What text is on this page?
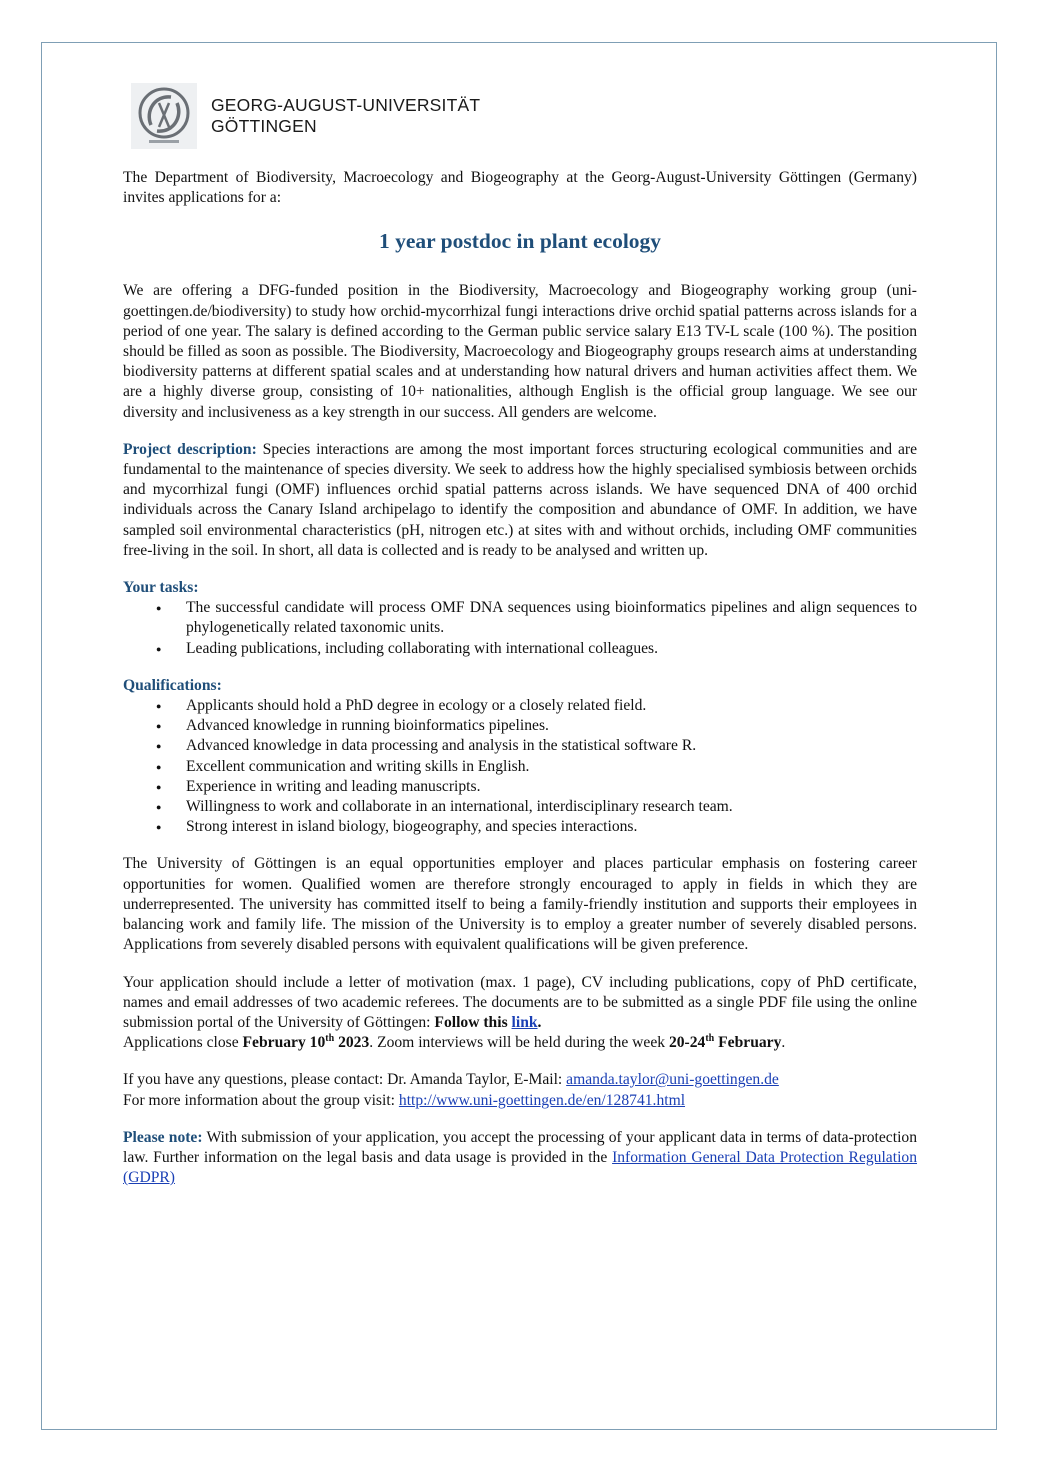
GEORG-AUGUST-UNIVERSITÄT
GÖTTINGEN

The Department of Biodiversity, Macroecology and Biogeography at the Georg-August-University Göttingen (Germany) invites applications for a:

1 year postdoc in plant ecology

We are offering a DFG-funded position in the Biodiversity, Macroecology and Biogeography working group (uni-goettingen.de/biodiversity) to study how orchid-mycorrhizal fungi interactions drive orchid spatial patterns across islands for a period of one year. The salary is defined according to the German public service salary E13 TV-L scale (100 %). The position should be filled as soon as possible. The Biodiversity, Macroecology and Biogeography groups research aims at understanding biodiversity patterns at different spatial scales and at understanding how natural drivers and human activities affect them. We are a highly diverse group, consisting of 10+ nationalities, although English is the official group language. We see our diversity and inclusiveness as a key strength in our success. All genders are welcome.

Project description: Species interactions are among the most important forces structuring ecological communities and are fundamental to the maintenance of species diversity. We seek to address how the highly specialised symbiosis between orchids and mycorrhizal fungi (OMF) influences orchid spatial patterns across islands. We have sequenced DNA of 400 orchid individuals across the Canary Island archipelago to identify the composition and abundance of OMF. In addition, we have sampled soil environmental characteristics (pH, nitrogen etc.) at sites with and without orchids, including OMF communities free-living in the soil. In short, all data is collected and is ready to be analysed and written up.

Your tasks:
● The successful candidate will process OMF DNA sequences using bioinformatics pipelines and align sequences to phylogenetically related taxonomic units.
● Leading publications, including collaborating with international colleagues.
Qualifications:
● Applicants should hold a PhD degree in ecology or a closely related field.
● Advanced knowledge in running bioinformatics pipelines.
● Advanced knowledge in data processing and analysis in the statistical software R.
● Excellent communication and writing skills in English.
● Experience in writing and leading manuscripts.
● Willingness to work and collaborate in an international, interdisciplinary research team.
● Strong interest in island biology, biogeography, and species interactions.

The University of Göttingen is an equal opportunities employer and places particular emphasis on fostering career opportunities for women. Qualified women are therefore strongly encouraged to apply in fields in which they are underrepresented. The university has committed itself to being a family-friendly institution and supports their employees in balancing work and family life. The mission of the University is to employ a greater number of severely disabled persons. Applications from severely disabled persons with equivalent qualifications will be given preference.

Your application should include a letter of motivation (max. 1 page), CV including publications, copy of PhD certificate, names and email addresses of two academic referees. The documents are to be submitted as a single PDF file using the online submission portal of the University of Göttingen: Follow this link.
Applications close February 10th 2023. Zoom interviews will be held during the week 20-24th February.

If you have any questions, please contact: Dr. Amanda Taylor, E-Mail: amanda.taylor@uni-goettingen.de
For more information about the group visit: http://www.uni-goettingen.de/en/128741.html

Please note: With submission of your application, you accept the processing of your applicant data in terms of data-protection law. Further information on the legal basis and data usage is provided in the Information General Data Protection Regulation (GDPR)
